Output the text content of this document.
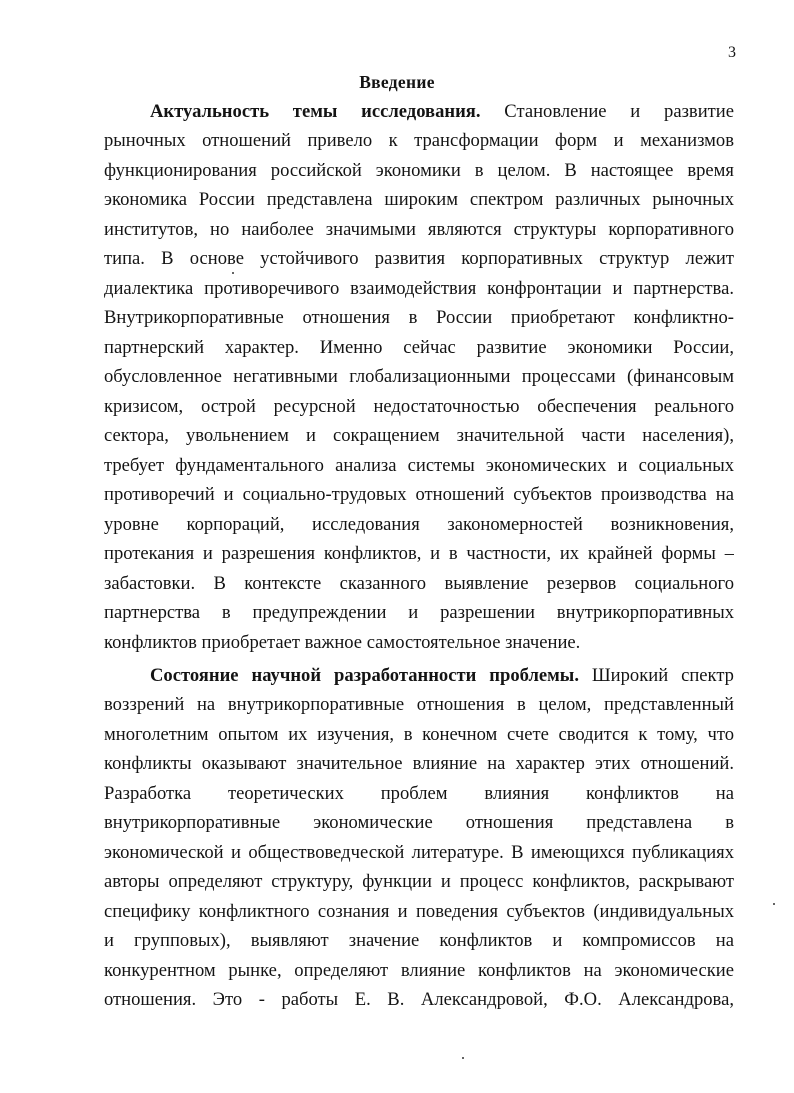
3
Введение
Актуальность темы исследования. Становление и развитие
рыночных отношений привело к трансформации форм и механизмов
функционирования российской экономики в целом. В настоящее время
экономика России представлена широким спектром различных рыночных
институтов, но наиболее значимыми являются структуры корпоративного
типа. В основе устойчивого развития корпоративных структур лежит
диалектика противоречивого взаимодействия конфронтации и партнерства.
Внутрикорпоративные отношения в России приобретают конфликтно-
партнерский характер. Именно сейчас развитие экономики России,
обусловленное негативными глобализационными процессами (финансовым
кризисом, острой ресурсной недостаточностью обеспечения реального
сектора, увольнением и сокращением значительной части населения),
требует фундаментального анализа системы экономических и социальных
противоречий и социально-трудовых отношений субъектов производства на
уровне корпораций, исследования закономерностей возникновения,
протекания и разрешения конфликтов, и в частности, их крайней формы –
забастовки. В контексте сказанного выявление резервов социального
партнерства в предупреждении и разрешении внутрикорпоративных
конфликтов приобретает важное самостоятельное значение.
Состояние научной разработанности проблемы. Широкий спектр
воззрений на внутрикорпоративные отношения в целом, представленный
многолетним опытом их изучения, в конечном счете сводится к тому, что
конфликты оказывают значительное влияние на характер этих отношений.
Разработка теоретических проблем влияния конфликтов на
внутрикорпоративные экономические отношения представлена в
экономической и обществоведческой литературе. В имеющихся публикациях
авторы определяют структуру, функции и процесс конфликтов, раскрывают
специфику конфликтного сознания и поведения субъектов (индивидуальных
и групповых), выявляют значение конфликтов и компромиссов на
конкурентном рынке, определяют влияние конфликтов на экономические
отношения. Это - работы Е. В. Александровой, Ф.О. Александрова,
